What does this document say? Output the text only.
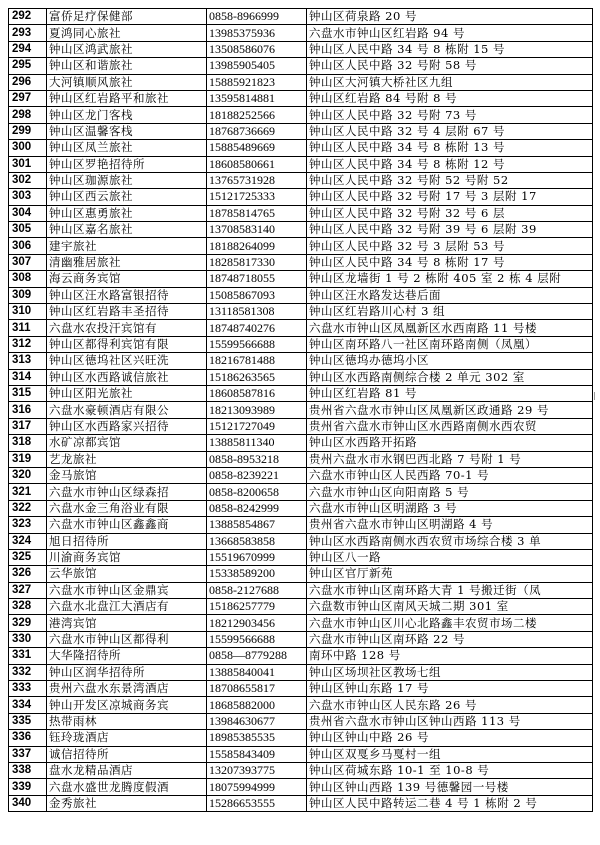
292	富侨足疗保健部	0858-8966999	钟山区荷泉路 20 号
293	夏鸿同心旅社	13985375936	六盘水市钟山区红岩路 94 号
294	钟山区鸿武旅社	13508586076	钟山区人民中路 34 号 8 栋附 15 号
295	钟山区和谐旅社	13985905405	钟山区人民中路 32 号附 58 号
296	大河镇顺风旅社	15885921823	钟山区大河镇大桥社区九组
297	钟山区红岩路平和旅社	13595814881	钟山区红岩路 84 号附 8 号
298	钟山区龙门客栈	18188252566	钟山区人民中路 32 号附 73 号
299	钟山区温馨客栈	18768736669	钟山区人民中路 32 号 4 层附 67 号
300	钟山区凤兰旅社	15885489669	钟山区人民中路 34 号 8 栋附 13 号
301	钟山区罗艳招待所	18608580661	钟山区人民中路 34 号 8 栋附 12 号
302	钟山区珈源旅社	13765731928	钟山区人民中路 32 号附 52 号附 52
303	钟山区西云旅社	15121725333	钟山区人民中路 32 号附 17 号 3 层附 17
304	钟山区惠勇旅社	18785814765	钟山区人民中路 32 号附 32 号 6 层
305	钟山区嘉名旅社	13708583140	钟山区人民中路 32 号附 39 号 6 层附 39
306	建宇旅社	18188264099	钟山区人民中路 32 号 3 层附 53 号
307	清幽雅居旅社	18285817330	钟山区人民中路 34 号 8 栋附 17 号
308	海云商务宾馆	18748718055	钟山区龙墙街 1 号 2 栋附 405 室 2 栋 4 层附
309	钟山区汪水路富银招待	15085867093	钟山区汪水路发达巷后面
310	钟山区红岩路丰圣招待	13118581308	钟山区红岩路川心村 3 组
311	六盘水农投汗宾馆有	18748740276	六盘水市钟山区凤凰新区水西南路 11 号楼
312	钟山区都得利宾馆有限	15599566688	钟山区南环路八一社区南环路南侧（凤凰）
313	钟山区德坞社区兴旺洗	18216781488	钟山区德坞办德坞小区
314	钟山区水西路诚信旅社	15186263565	钟山区水西路南侧综合楼 2 单元 302 室
315	钟山区阳光旅社	18608587816	钟山区红岩路 81 号
316	六盘水豪顿酒店有限公	18213093989	贵州省六盘水市钟山区凤凰新区政通路 29 号
317	钟山区水西路家兴招待	15121727049	贵州省六盘水市钟山区水西路南侧水西农贸
318	水矿凉都宾馆	13885811340	钟山区水西路开拓路
319	艺龙旅社	0858-8953218	贵州六盘水市水钢巴西北路 7 号附 1 号
320	金马旅馆	0858-8239221	六盘水市钟山区人民西路 70-1 号
321	六盘水市钟山区绿森招	0858-8200658	六盘水市钟山区向阳南路 5 号
322	六盘水金三角浴业有限	0858-8242999	六盘水市钟山区明湖路 3 号
323	六盘水市钟山区鑫鑫商	13885854867	贵州省六盘水市钟山区明湖路 4 号
324	旭日招待所	13668583858	钟山区水西路南侧水西农贸市场综合楼 3 单
325	川渝商务宾馆	15519670999	钟山区八一路
326	云华旅馆	15338589200	钟山区官厅新苑
327	六盘水市钟山区金鼎宾	0858-2127688	六盘水市钟山区南环路大青 1 号搬迁街（凤
328	六盘水北盘江大酒店有	15186257779	六盘数市钟山区南风天城二期 301 室
329	港湾宾馆	18212903456	六盘水市钟山区川心北路鑫丰农贸市场二楼
330	六盘水市钟山区都得利	15599566688	六盘水市钟山区南环路 22 号
331	大华隆招待所	0858—8779288	南环中路 128 号
332	钟山区润华招待所	13885840041	钟山区场坝社区教场七组
333	贵州六盘水东景湾酒店	18708655817	钟山区钟山东路 17 号
334	钟山开发区凉城商务宾	18685882000	六盘水市钟山区人民东路 26 号
335	热带雨林	13984630677	贵州省六盘水市钟山区钟山西路 113 号
336	钰玲珑酒店	18985385535	钟山区钟山中路 26 号
337	诚信招待所	15585843409	钟山区双戛乡马戛村一组
338	盘水龙精品酒店	13207393775	钟山区荷城东路 10-1 至 10-8 号
339	六盘水盛世龙腾度假酒	18075994999	钟山区钟山西路 139 号德馨园一号楼
340	金秀旅社	15286653555	钟山区人民中路转运二巷 4 号 1 栋附 2 号
